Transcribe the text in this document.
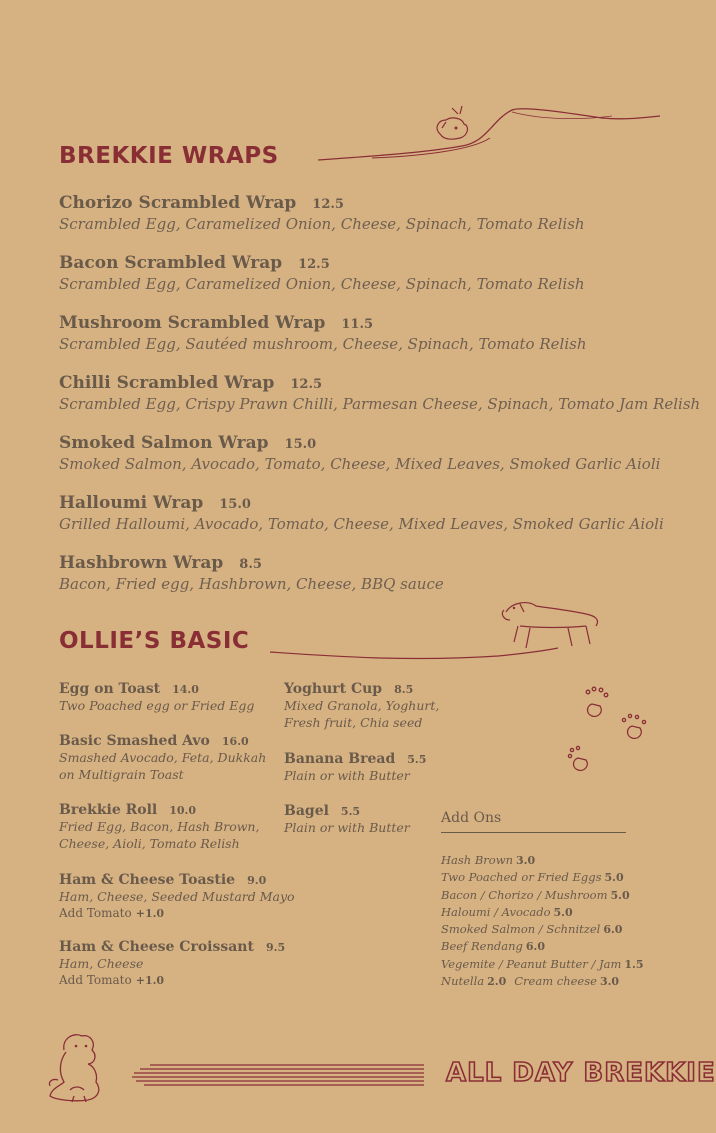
BREKKIE WRAPS
Chorizo Scrambled Wrap 12.5
Scrambled Egg, Caramelized Onion, Cheese, Spinach, Tomato Relish
Bacon Scrambled Wrap 12.5
Scrambled Egg, Caramelized Onion, Cheese, Spinach, Tomato Relish
Mushroom Scrambled Wrap 11.5
Scrambled Egg, Sautéed mushroom, Cheese, Spinach, Tomato Relish
Chilli Scrambled Wrap 12.5
Scrambled Egg, Crispy Prawn Chilli, Parmesan Cheese, Spinach, Tomato Jam Relish
Smoked Salmon Wrap 15.0
Smoked Salmon, Avocado, Tomato, Cheese, Mixed Leaves, Smoked Garlic Aioli
Halloumi Wrap 15.0
Grilled Halloumi, Avocado, Tomato, Cheese, Mixed Leaves, Smoked Garlic Aioli
Hashbrown Wrap 8.5
Bacon, Fried egg, Hashbrown, Cheese, BBQ sauce
OLLIE’S BASIC
Egg on Toast 14.0
Two Poached egg or Fried Egg
Basic Smashed Avo 16.0
Smashed Avocado, Feta, Dukkah
on Multigrain Toast
Brekkie Roll 10.0
Fried Egg, Bacon, Hash Brown,
Cheese, Aioli, Tomato Relish
Ham & Cheese Toastie 9.0
Ham, Cheese, Seeded Mustard Mayo
Add Tomato +1.0
Ham & Cheese Croissant 9.5
Ham, Cheese
Add Tomato +1.0
Yoghurt Cup 8.5
Mixed Granola, Yoghurt,
Fresh fruit, Chia seed
Banana Bread 5.5
Plain or with Butter
Bagel 5.5
Plain or with Butter
Add Ons
Hash Brown 3.0
Two Poached or Fried Eggs 5.0
Bacon / Chorizo / Mushroom 5.0
Haloumi / Avocado 5.0
Smoked Salmon / Schnitzel 6.0
Beef Rendang 6.0
Vegemite / Peanut Butter / Jam 1.5
Nutella 2.0 Cream cheese 3.0
ALL DAY BREKKIE
